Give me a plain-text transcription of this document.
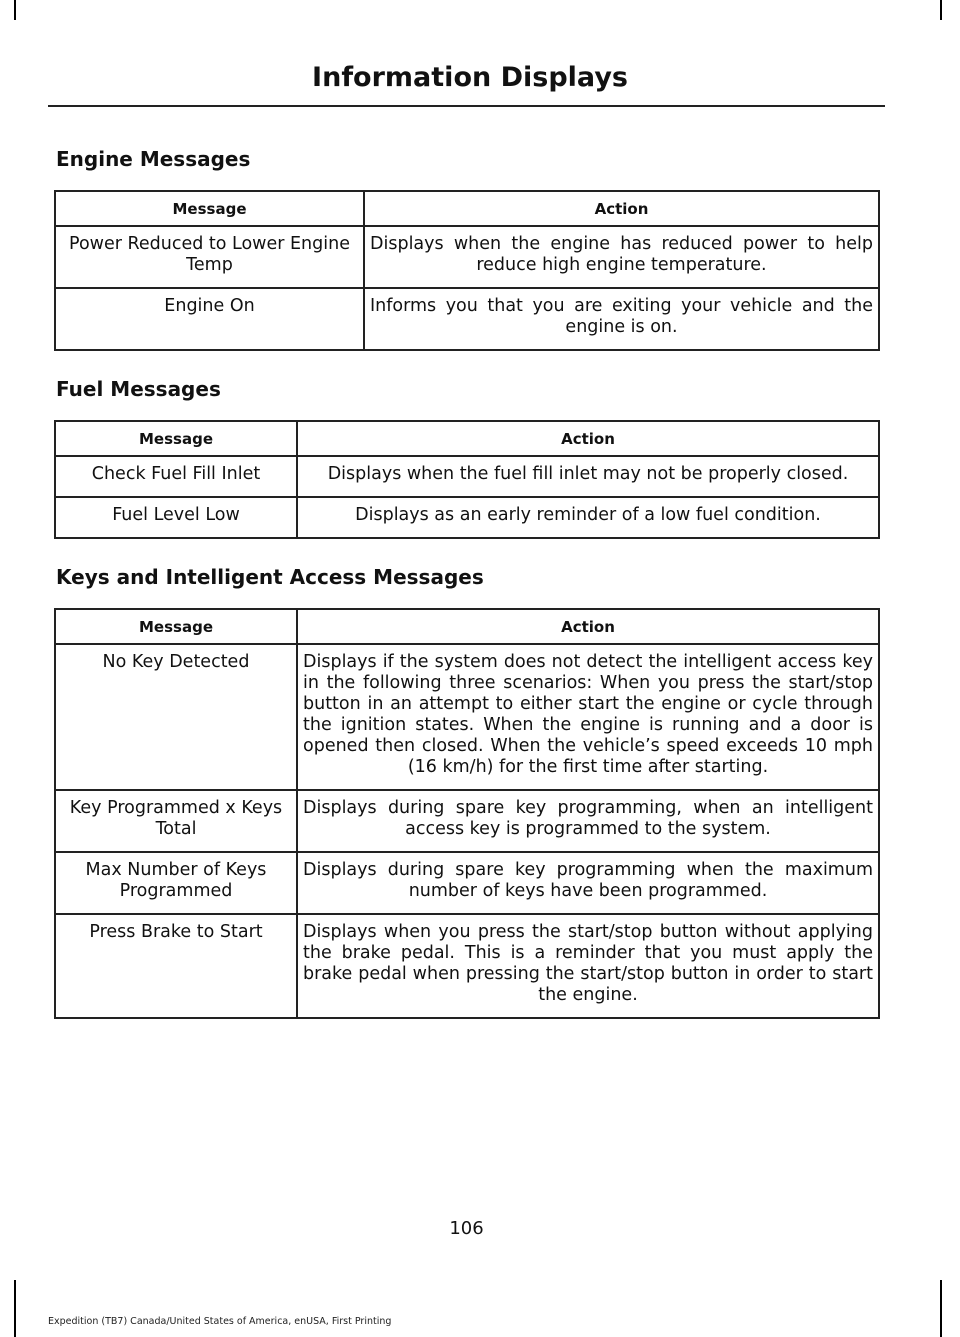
Information Displays
Engine Messages
Message	Action
Power Reduced to Lower Engine Temp	Displays when the engine has reduced power to help reduce high engine temperature.
Engine On	Informs you that you are exiting your vehicle and the engine is on.
Fuel Messages
Message	Action
Check Fuel Fill Inlet	Displays when the fuel fill inlet may not be properly closed.
Fuel Level Low	Displays as an early reminder of a low fuel condition.
Keys and Intelligent Access Messages
Message	Action
No Key Detected	Displays if the system does not detect the intelligent access key in the following three scenarios: When you press the start/stop button in an attempt to either start the engine or cycle through the ignition states. When the engine is running and a door is opened then closed. When the vehicle’s speed exceeds 10 mph (16 km/h) for the first time after starting.
Key Programmed x Keys Total	Displays during spare key programming, when an intelligent access key is programmed to the system.
Max Number of Keys Programmed	Displays during spare key programming when the maximum number of keys have been programmed.
Press Brake to Start	Displays when you press the start/stop button without applying the brake pedal. This is a reminder that you must apply the brake pedal when pressing the start/stop button in order to start the engine.
106
Expedition (TB7) Canada/United States of America, enUSA, First Printing
